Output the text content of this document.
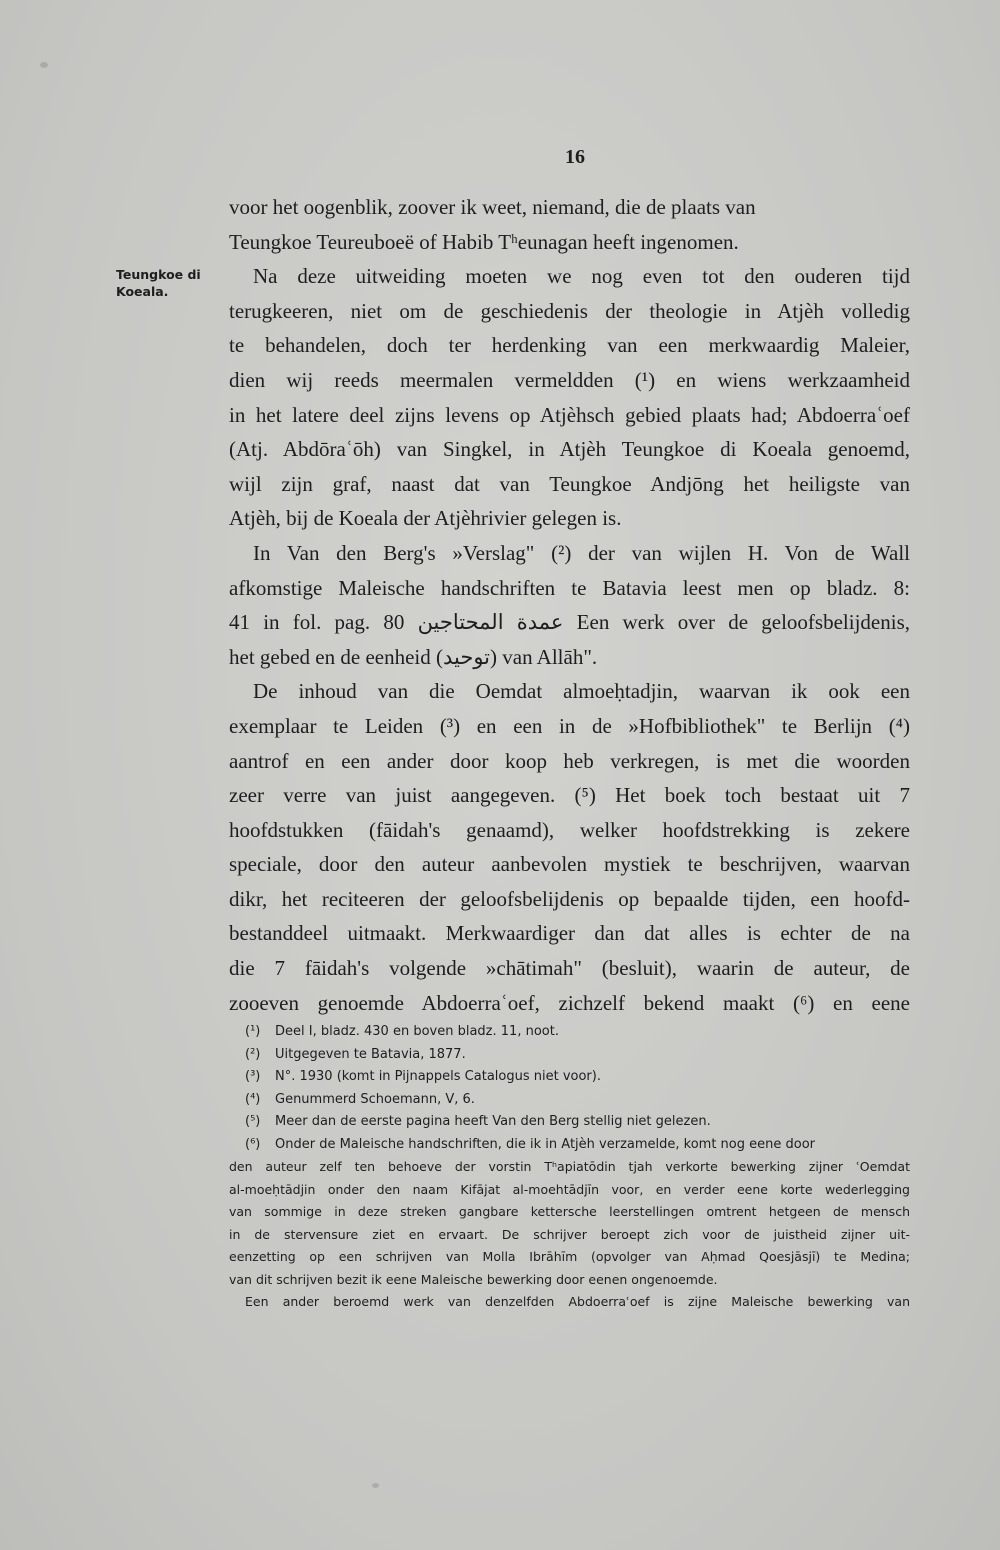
16
Teungkoe di
Koeala.
voor het oogenblik, zoover ik weet, niemand, die de plaats van
Teungkoe Teureuboeë of Habib Tʰeunagan heeft ingenomen.
Na deze uitweiding moeten we nog even tot den ouderen tijd
terugkeeren, niet om de geschiedenis der theologie in Atjèh volledig
te behandelen, doch ter herdenking van een merkwaardig Maleier,
dien wij reeds meermalen vermeldden (¹) en wiens werkzaamheid
in het latere deel zijns levens op Atjèhsch gebied plaats had; Abdoerraʿoef
(Atj. Abdōraʿōh) van Singkel, in Atjèh Teungkoe di Koeala genoemd,
wijl zijn graf, naast dat van Teungkoe Andjōng het heiligste van
Atjèh, bij de Koeala der Atjèhrivier gelegen is.
In Van den Berg's »Verslag" (²) der van wijlen H. Von de Wall
afkomstige Maleische handschriften te Batavia leest men op bladz. 8:
41 in fol. pag. 80 عمدة المحتاجين Een werk over de geloofsbelijdenis,
het gebed en de eenheid (توحيد) van Allāh".
De inhoud van die Oemdat almoeḥtadjin, waarvan ik ook een
exemplaar te Leiden (³) en een in de »Hofbibliothek" te Berlijn (⁴)
aantrof en een ander door koop heb verkregen, is met die woorden
zeer verre van juist aangegeven. (⁵) Het boek toch bestaat uit 7
hoofdstukken (fāidah's genaamd), welker hoofdstrekking is zekere
speciale, door den auteur aanbevolen mystiek te beschrijven, waarvan
dikr, het reciteeren der geloofsbelijdenis op bepaalde tijden, een hoofd-
bestanddeel uitmaakt. Merkwaardiger dan dat alles is echter de na
die 7 fāidah's volgende »chātimah" (besluit), waarin de auteur, de
zooeven genoemde Abdoerraʿoef, zichzelf bekend maakt (⁶) en eene
(¹) Deel I, bladz. 430 en boven bladz. 11, noot.
(²) Uitgegeven te Batavia, 1877.
(³) N°. 1930 (komt in Pijnappels Catalogus niet voor).
(⁴) Genummerd Schoemann, V, 6.
(⁵) Meer dan de eerste pagina heeft Van den Berg stellig niet gelezen.
(⁶) Onder de Maleische handschriften, die ik in Atjèh verzamelde, komt nog eene door
den auteur zelf ten behoeve der vorstin Tʰapiatōdin tjah verkorte bewerking zijner ʿOemdat
al-moeḥtādjin onder den naam Kifājat al-moehtādjīn voor, en verder eene korte wederlegging
van sommige in deze streken gangbare kettersche leerstellingen omtrent hetgeen de mensch
in de stervensure ziet en ervaart. De schrijver beroept zich voor de juistheid zijner uit-
eenzetting op een schrijven van Molla Ibrāhīm (opvolger van Aḥmad Qoesjāsjī) te Medina;
van dit schrijven bezit ik eene Maleische bewerking door eenen ongenoemde.
Een ander beroemd werk van denzelfden Abdoerraʿoef is zijne Maleische bewerking van
